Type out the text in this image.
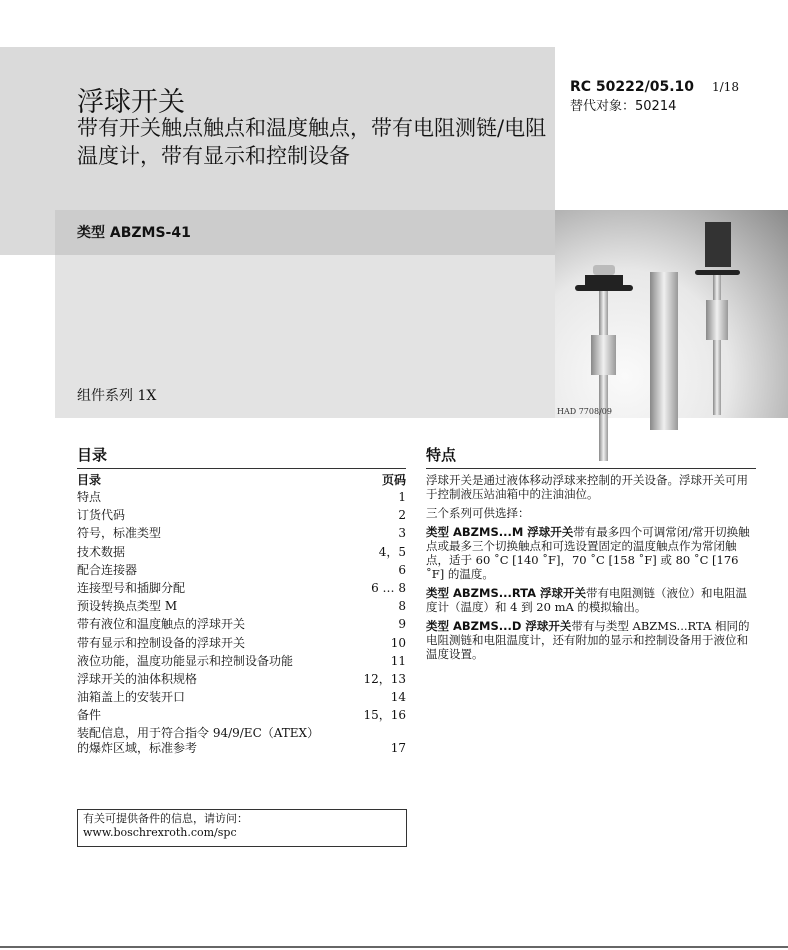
浮球开关
带有开关触点触点和温度触点，带有电阻测链/电阻温度计，带有显示和控制设备
类型 ABZMS-41
组件系列 1X
RC 50222/05.10
替代对象：50214
1/18
HAD 7708/09
目录	特点
目录	页码
特点	1
订货代码	2
符号，标准类型	3
技术数据	4，5
配合连接器	6
连接型号和插脚分配	6 … 8
预设转换点类型 M	8
带有液位和温度触点的浮球开关	9
带有显示和控制设备的浮球开关	10
液位功能，温度功能显示和控制设备功能	11
浮球开关的油体积规格	12，13
油箱盖上的安装开口	14
备件	15，16
装配信息，用于符合指令 94/9/EC（ATEX）的爆炸区域，标准参考	17

浮球开关是通过液体移动浮球来控制的开关设备。浮球开关可用于控制液压站油箱中的注油油位。

三个系列可供选择：

类型 ABZMS...M 浮球开关带有最多四个可调常闭/常开切换触点或最多三个切换触点和可选设置固定的温度触点作为常闭触点，适于 60 ˚C [140 ˚F]，70 ˚C [158 ˚F] 或 80 ˚C [176 ˚F] 的温度。

类型 ABZMS...RTA 浮球开关带有电阻测链（液位）和电阻温度计（温度）和 4 到 20 mA 的模拟输出。

类型 ABZMS...D 浮球开关带有与类型 ABZMS...RTA 相同的电阻测链和电阻温度计，还有附加的显示和控制设备用于液位和温度设置。

有关可提供备件的信息，请访问：
www.boschrexroth.com/spc
